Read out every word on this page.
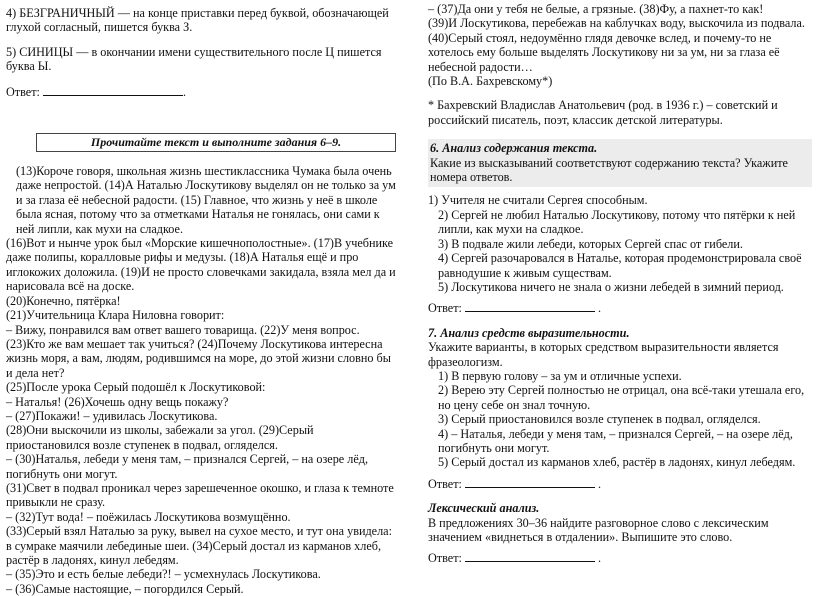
4) БЕЗГРАНИЧНЫЙ — на конце приставки перед буквой, обозначающей глухой согласный, пишется буква З.

5) СИНИЦЫ — в окончании имени существительного после Ц пишется буква Ы.

Ответ:	.

Прочитайте текст и выполните задания 6–9.

(13)Короче говоря, школьная жизнь шестиклассника Чумака была очень даже непростой. (14)А Наталью Лоскутикову выделял он не только за ум и за глаза её небесной радости. (15) Главное, что жизнь у неё в школе была ясная, потому что за отметками Наталья не гонялась, они сами к ней липли, как мухи на сладкое.

(16)Вот и нынче урок был «Морские кишечнополостные». (17)В учебнике даже полипы, коралловые рифы и медузы. (18)А Наталья ещё и про иглокожих доложила. (19)И не просто словечками закидала, взяла мел да и нарисовала всё на доске.

(20)Конечно, пятёрка!

(21)Учительница Клара Ниловна говорит:

– Вижу, понравился вам ответ вашего товарища. (22)У меня вопрос. (23)Кто же вам мешает так учиться? (24)Почему Лоскутикова интересна жизнь моря, а вам, людям, родившимся на море, до этой жизни словно бы и дела нет?

(25)После урока Серый подошёл к Лоскутиковой:

– Наталья! (26)Хочешь одну вещь покажу?

– (27)Покажи! – удивилась Лоскутикова.

(28)Они выскочили из школы, забежали за угол. (29)Серый приостановился возле ступенек в подвал, огляделся.

– (30)Наталья, лебеди у меня там, – признался Сергей, – на озере лёд, погибнуть они могут.

(31)Свет в подвал проникал через зарешеченное окошко, и глаза к темноте привыкли не сразу.

– (32)Тут вода! – поёжилась Лоскутикова возмущённо.

(33)Серый взял Наталью за руку, вывел на сухое место, и тут она увидела: в сумраке маячили лебединые шеи. (34)Серый достал из карманов хлеб, растёр в ладонях, кинул лебедям.

– (35)Это и есть белые лебеди?! – усмехнулась Лоскутикова.

– (36)Самые настоящие, – погордился Серый.

– (37)Да они у тебя не белые, а грязные. (38)Фу, а пахнет-то как!

(39)И Лоскутикова, перебежав на каблучках воду, выскочила из подвала.

(40)Серый стоял, недоумённо глядя девочке вслед, и почему-то не хотелось ему больше выделять Лоскутикову ни за ум, ни за глаза её небесной радости…

(По В.А. Бахревскому*)

* Бахревский Владислав Анатольевич (род. в 1936 г.) – советский и российский писатель, поэт, классик детской литературы.

6. Анализ содержания текста.

Какие из высказываний соответствуют содержанию текста? Укажите номера ответов.

1) Учителя не считали Сергея способным.

2) Сергей не любил Наталью Лоскутикову, потому что пятёрки к ней липли, как мухи на сладкое.

3) В подвале жили лебеди, которых Сергей спас от гибели.

4) Сергей разочаровался в Наталье, которая продемонстрировала своё равнодушие к живым существам.

5) Лоскутикова ничего не знала о жизни лебедей в зимний период.

Ответ:	.

7. Анализ средств выразительности.

Укажите варианты, в которых средством выразительности является фразеологизм.

1) В первую голову – за ум и отличные успехи.

2) Верею эту Сергей полностью не отрицал, она всё-таки утешала его, но цену себе он знал точную.

3) Серый приостановился возле ступенек в подвал, огляделся.

4) – Наталья, лебеди у меня там, – признался Сергей, – на озере лёд, погибнуть они могут.

5) Серый достал из карманов хлеб, растёр в ладонях, кинул лебедям.

Ответ:	.

Лексический анализ.

В предложениях 30–36 найдите разговорное слово с лексическим значением «виднеться в отдалении». Выпишите это слово.

Ответ:	.
